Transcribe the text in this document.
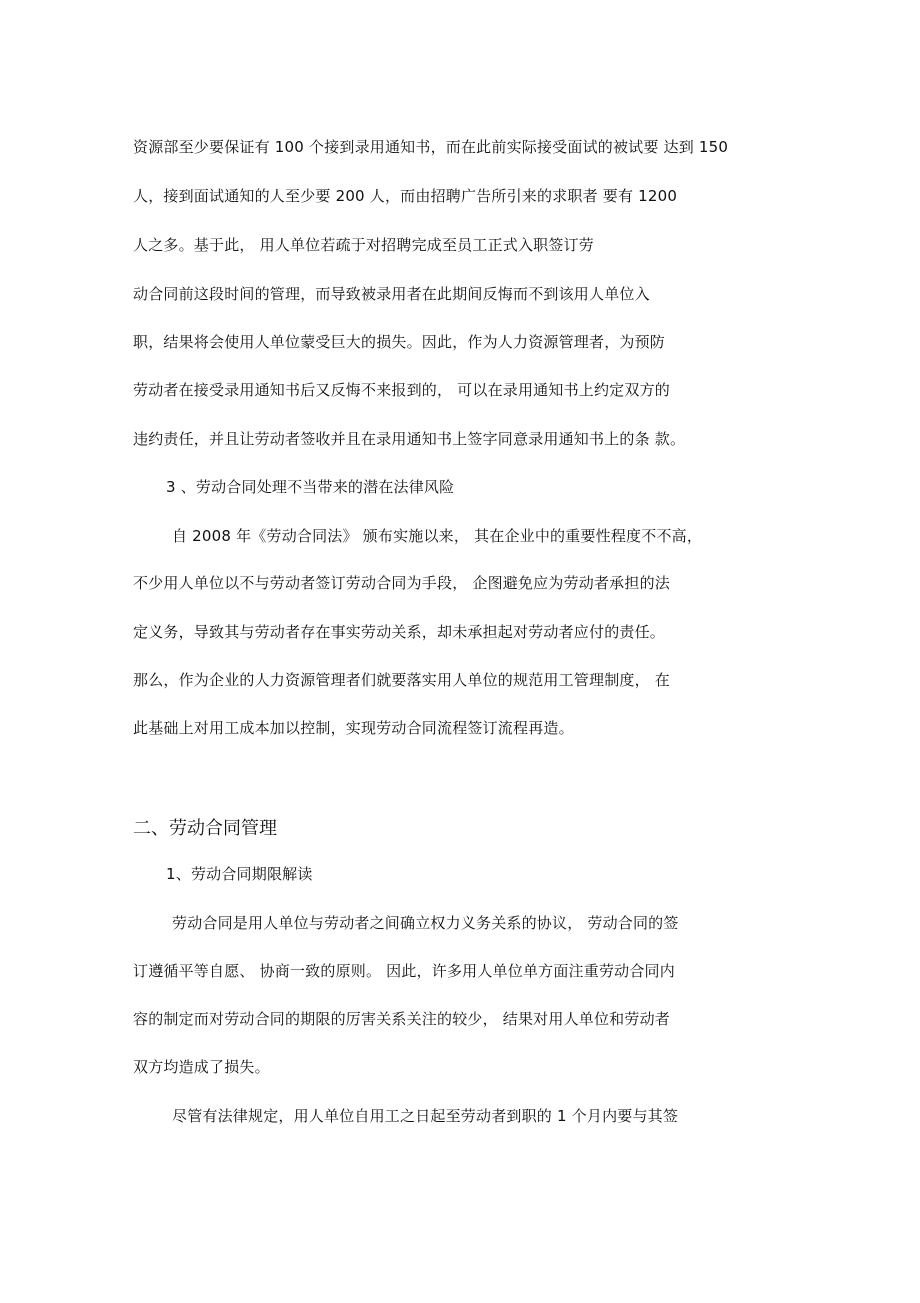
资源部至少要保证有 100 个接到录用通知书，而在此前实际接受面试的被试要 达到 150
人，接到面试通知的人至少要 200 人，而由招聘广告所引来的求职者 要有 1200
人之多。基于此， 用人单位若疏于对招聘完成至员工正式入职签订劳
动合同前这段时间的管理，而导致被录用者在此期间反悔而不到该用人单位入
职，结果将会使用人单位蒙受巨大的损失。因此，作为人力资源管理者，为预防
劳动者在接受录用通知书后又反悔不来报到的， 可以在录用通知书上约定双方的
违约责任，并且让劳动者签收并且在录用通知书上签字同意录用通知书上的条 款。
3 、劳动合同处理不当带来的潜在法律风险
自 2008 年《劳动合同法》 颁布实施以来， 其在企业中的重要性程度不不高，
不少用人单位以不与劳动者签订劳动合同为手段， 企图避免应为劳动者承担的法
定义务，导致其与劳动者存在事实劳动关系，却未承担起对劳动者应付的责任。
那么，作为企业的人力资源管理者们就要落实用人单位的规范用工管理制度， 在
此基础上对用工成本加以控制，实现劳动合同流程签订流程再造。
二、劳动合同管理
1、劳动合同期限解读
劳动合同是用人单位与劳动者之间确立权力义务关系的协议， 劳动合同的签
订遵循平等自愿、 协商一致的原则。 因此，许多用人单位单方面注重劳动合同内
容的制定而对劳动合同的期限的厉害关系关注的较少， 结果对用人单位和劳动者
双方均造成了损失。
尽管有法律规定，用人单位自用工之日起至劳动者到职的 1 个月内要与其签
